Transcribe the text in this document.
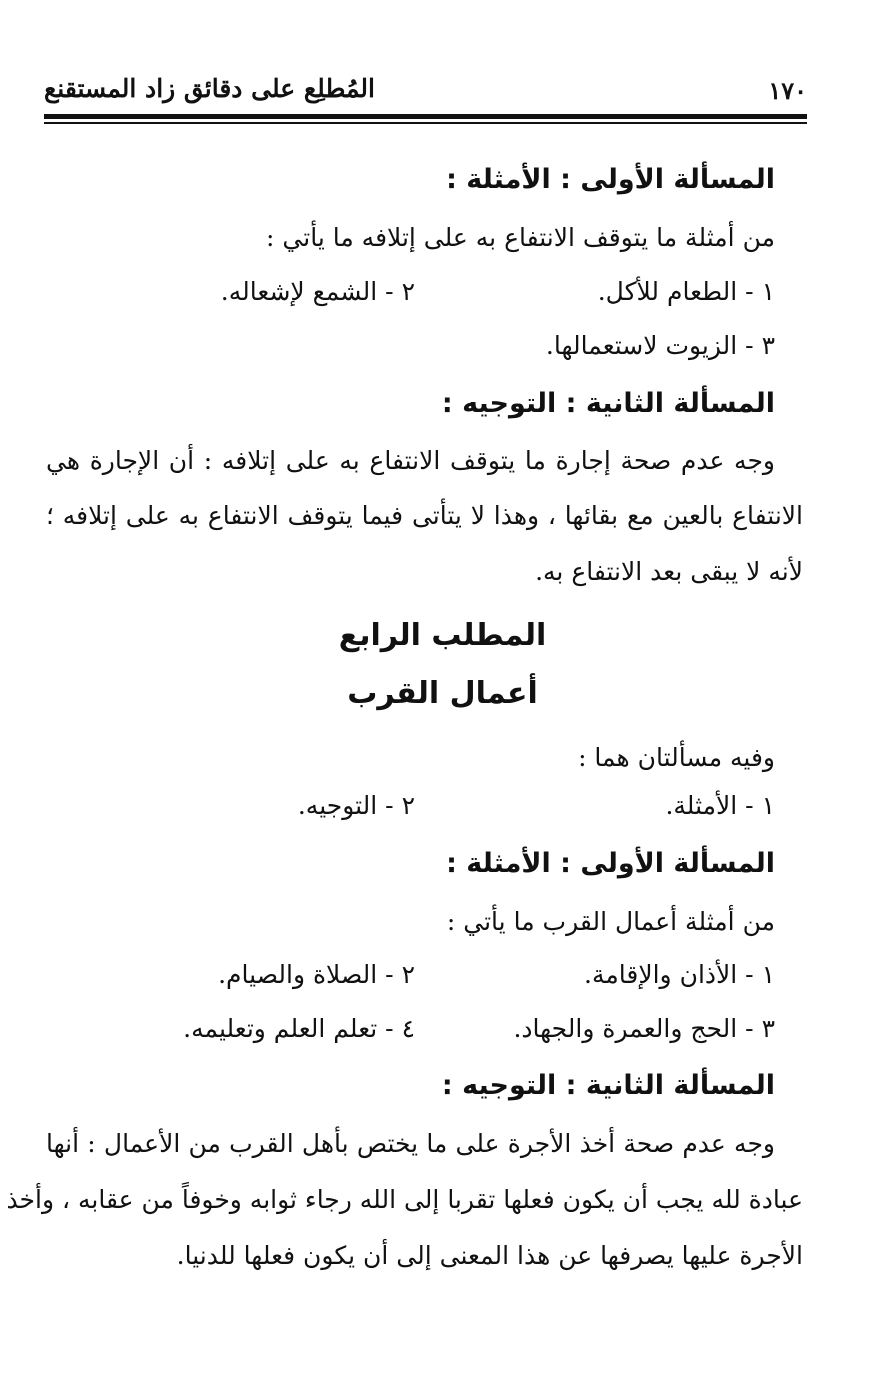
١٧٠
المُطلِع على دقائق زاد المستقنع
المسألة الأولى : الأمثلة :
من أمثلة ما يتوقف الانتفاع به على إتلافه ما يأتي :
١ - الطعام للأكل.
٢ - الشمع لإشعاله.
٣ - الزيوت لاستعمالها.
المسألة الثانية : التوجيه :
وجه عدم صحة إجارة ما يتوقف الانتفاع به على إتلافه : أن الإجارة هي
الانتفاع بالعين مع بقائها ، وهذا لا يتأتى فيما يتوقف الانتفاع به على إتلافه ؛
لأنه لا يبقى بعد الانتفاع به.
المطلب الرابع
أعمال القرب
وفيه مسألتان هما :
١ - الأمثلة.
٢ - التوجيه.
المسألة الأولى : الأمثلة :
من أمثلة أعمال القرب ما يأتي :
١ - الأذان والإقامة.
٢ - الصلاة والصيام.
٣ - الحج والعمرة والجهاد.
٤ - تعلم العلم وتعليمه.
المسألة الثانية : التوجيه :
وجه عدم صحة أخذ الأجرة على ما يختص بأهل القرب من الأعمال : أنها
عبادة لله يجب أن يكون فعلها تقربا إلى الله رجاء ثوابه وخوفاً من عقابه ، وأخذ
الأجرة عليها يصرفها عن هذا المعنى إلى أن يكون فعلها للدنيا.
